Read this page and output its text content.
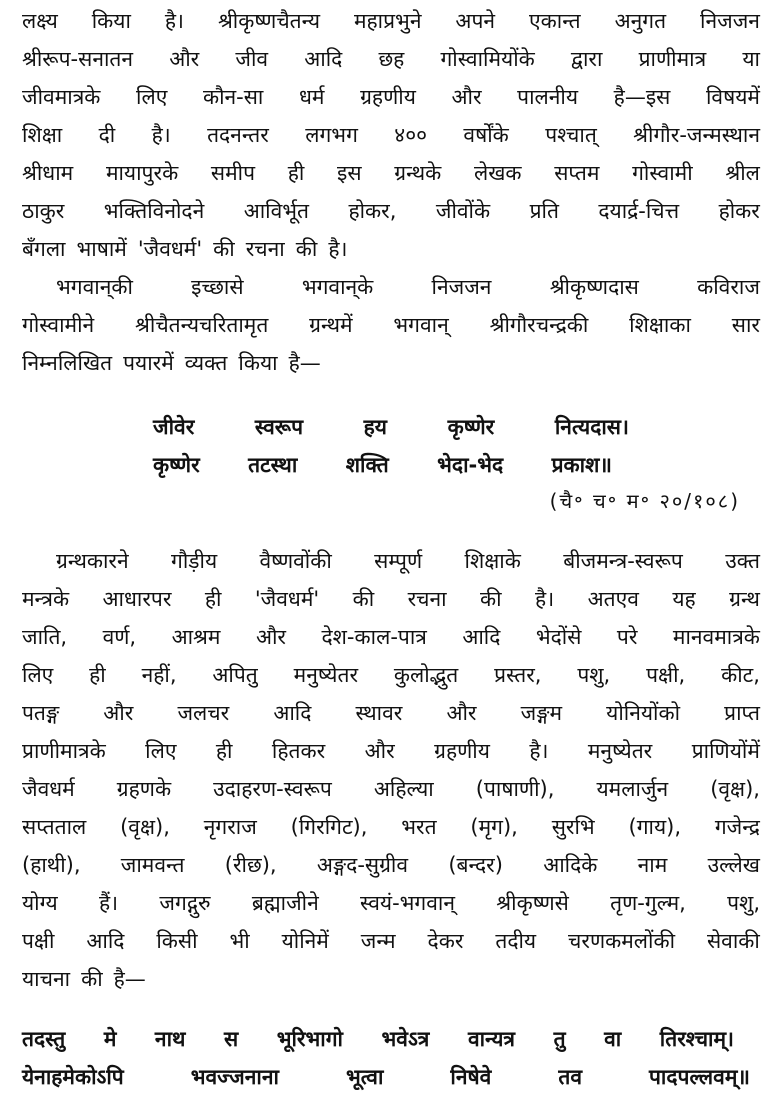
लक्ष्य किया है। श्रीकृष्णचैतन्य महाप्रभुने अपने एकान्त अनुगत निजजन
श्रीरूप-सनातन और जीव आदि छह गोस्वामियोंके द्वारा प्राणीमात्र या
जीवमात्रके लिए कौन-सा धर्म ग्रहणीय और पालनीय है—इस विषयमें
शिक्षा दी है। तदनन्तर लगभग ४०० वर्षोंके पश्चात् श्रीगौर-जन्मस्थान
श्रीधाम मायापुरके समीप ही इस ग्रन्थके लेखक सप्तम गोस्वामी श्रील
ठाकुर भक्तिविनोदने आविर्भूत होकर, जीवोंके प्रति दयार्द्र-चित्त होकर
बँगला भाषामें 'जैवधर्म' की रचना की है।
भगवान्‌की	इच्छासे	भगवान्‌के	निजजन	श्रीकृष्णदास	कविराज
गोस्वामीने श्रीचैतन्यचरितामृत ग्रन्थमें भगवान् श्रीगौरचन्द्रकी शिक्षाका सार
निम्नलिखित पयारमें व्यक्त किया है—
जीवेर	स्वरूप	हय	कृष्णेर	नित्यदास।
कृष्णेर तटस्था शक्ति भेदा-भेद प्रकाश॥
(चै॰ च॰ म॰ २०/१०८)
ग्रन्थकारने गौड़ीय वैष्णवोंकी सम्पूर्ण शिक्षाके बीजमन्त्र-स्वरूप उक्त
मन्त्रके आधारपर ही 'जैवधर्म' की रचना की है। अतएव यह ग्रन्थ
जाति, वर्ण, आश्रम और देश-काल-पात्र आदि भेदोंसे परे मानवमात्रके
लिए ही नहीं, अपितु मनुष्येतर कुलोद्भुत प्रस्तर, पशु, पक्षी, कीट,
पतङ्ग और जलचर आदि स्थावर और जङ्गम योनियोंको प्राप्त
प्राणीमात्रके लिए ही हितकर और ग्रहणीय है। मनुष्येतर प्राणियोंमें
जैवधर्म ग्रहणके उदाहरण-स्वरूप अहिल्या (पाषाणी), यमलार्जुन (वृक्ष),
सप्तताल (वृक्ष), नृगराज (गिरगिट), भरत (मृग), सुरभि (गाय), गजेन्द्र
(हाथी), जामवन्त (रीछ), अङ्गद-सुग्रीव (बन्दर) आदिके नाम उल्लेख
योग्य हैं। जगद्गुरु ब्रह्माजीने स्वयं-भगवान् श्रीकृष्णसे तृण-गुल्म, पशु,
पक्षी आदि किसी भी योनिमें जन्म देकर तदीय चरणकमलोंकी सेवाकी
याचना की है—
तदस्तु मे नाथ स भूरिभागो भवेऽत्र वान्यत्र तु वा तिरश्चाम्।
येनाहमेकोऽपि	भवज्जनाना	भूत्वा	निषेवे	तव	पादपल्लवम्॥
